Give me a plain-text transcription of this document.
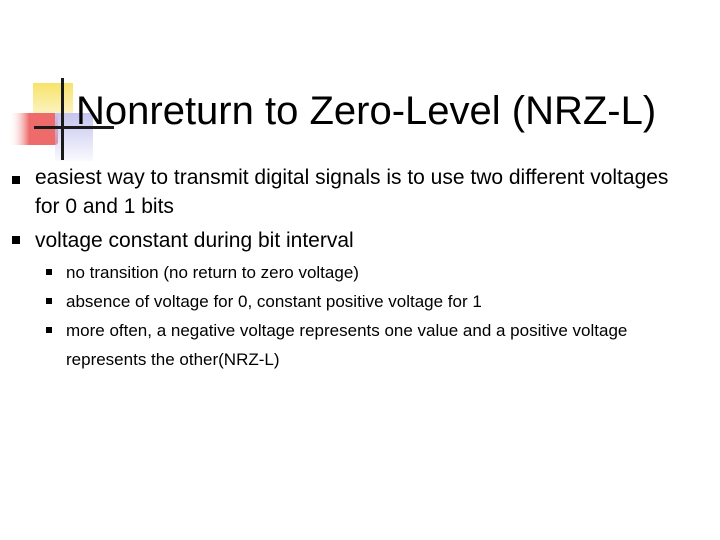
Nonreturn to Zero-Level (NRZ-L)
easiest way to transmit digital signals is to use two different voltages for 0 and 1 bits
voltage constant during bit interval
no transition (no return to zero voltage)
absence of voltage for 0, constant positive voltage for 1
more often, a negative voltage represents one value and a positive voltage represents the other(NRZ-L)
